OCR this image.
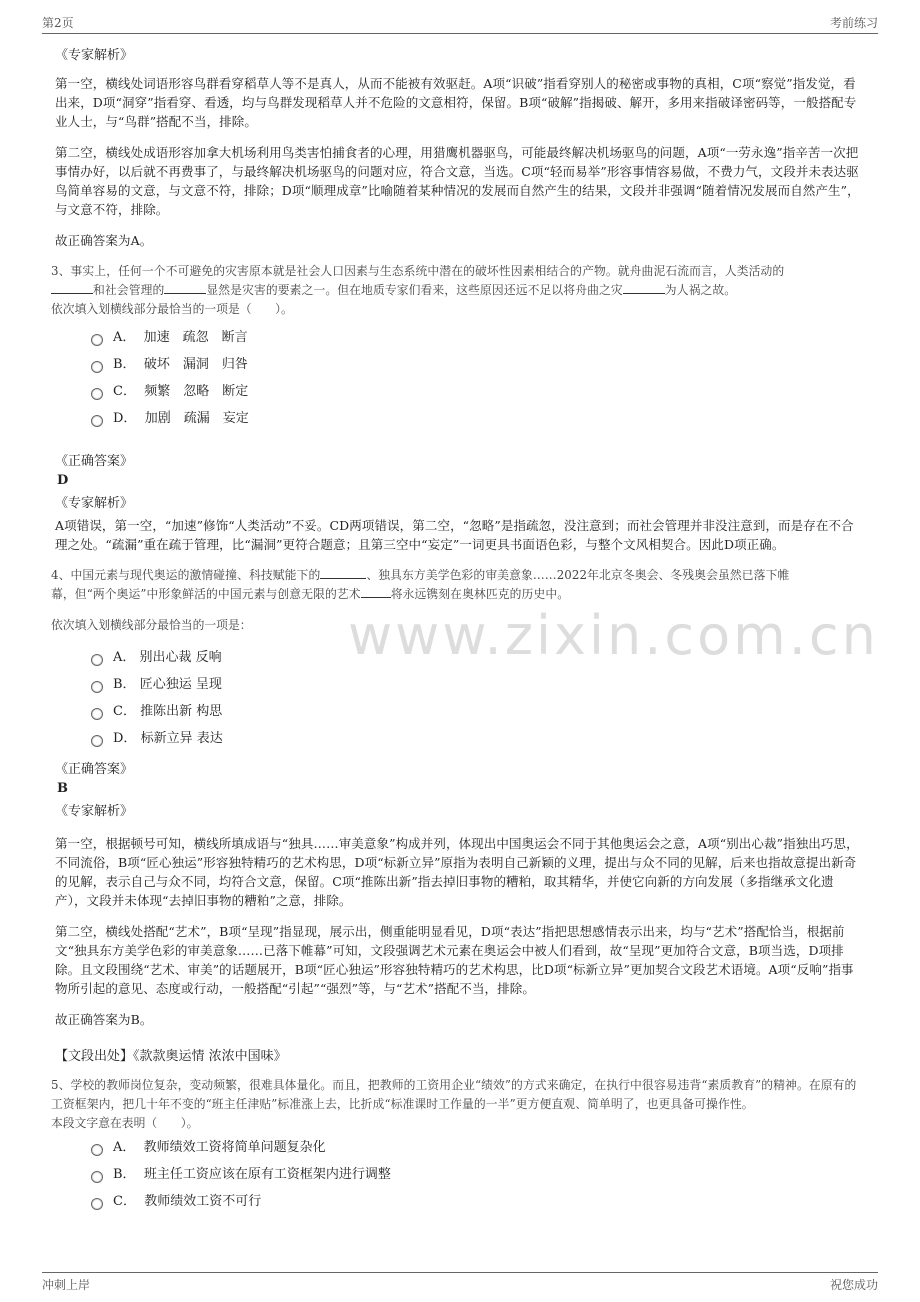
第2页	考前练习
www.zixin.com.cn
《专家解析》
第一空，横线处词语形容鸟群看穿稻草人等不是真人，从而不能被有效驱赶。A项“识破”指看穿别人的秘密或事物的真相，C项“察觉”指发觉，看出来，D项“洞穿”指看穿、看透，均与鸟群发现稻草人并不危险的文意相符，保留。B项“破解”指揭破、解开，多用来指破译密码等，一般搭配专业人士，与“鸟群”搭配不当，排除。
第二空，横线处成语形容加拿大机场利用鸟类害怕捕食者的心理，用猎鹰机器驱鸟，可能最终解决机场驱鸟的问题，A项“一劳永逸”指辛苦一次把事情办好，以后就不再费事了，与最终解决机场驱鸟的问题对应，符合文意，当选。C项“轻而易举”形容事情容易做，不费力气，文段并未表达驱鸟简单容易的文意，与文意不符，排除；D项“顺理成章”比喻随着某种情况的发展而自然产生的结果，文段并非强调“随着情况发展而自然产生”，与文意不符，排除。
故正确答案为A。
3、事实上，任何一个不可避免的灾害原本就是社会人口因素与生态系统中潜在的破坏性因素相结合的产物。就舟曲泥石流而言，人类活动的
和社会管理的	显然是灾害的要素之一。但在地质专家们看来，这些原因还远不足以将舟曲之灾	为人祸之故。
依次填入划横线部分最恰当的一项是（　　）。
A．
加速　疏忽　断言
B．
破坏　漏洞　归咎
C．
频繁　忽略　断定
D．
加剧　疏漏　妄定
《正确答案》
D
《专家解析》
A项错误，第一空，“加速”修饰“人类活动”不妥。CD两项错误，第二空，“忽略”是指疏忽，没注意到；而社会管理并非没注意到，而是存在不合理之处。“疏漏”重在疏于管理，比“漏洞”更符合题意；且第三空中“妄定”一词更具书面语色彩，与整个文风相契合。因此D项正确。
4、中国元素与现代奥运的激情碰撞、科技赋能下的	、独具东方美学色彩的审美意象……2022年北京冬奥会、冬残奥会虽然已落下帷
幕，但“两个奥运”中形象鲜活的中国元素与创意无限的艺术	将永远镌刻在奥林匹克的历史中。
依次填入划横线部分最恰当的一项是：
A．
别出心裁 反响
B．
匠心独运 呈现
C．
推陈出新 构思
D．
标新立异 表达
《正确答案》
B
《专家解析》
第一空，根据顿号可知，横线所填成语与“独具……审美意象”构成并列，体现出中国奥运会不同于其他奥运会之意，A项“别出心裁”指独出巧思，不同流俗，B项“匠心独运”形容独特精巧的艺术构思，D项“标新立异”原指为表明自己新颖的义理，提出与众不同的见解，后来也指故意提出新奇的见解，表示自己与众不同，均符合文意，保留。C项“推陈出新”指去掉旧事物的糟粕，取其精华，并使它向新的方向发展（多指继承文化遗产），文段并未体现“去掉旧事物的糟粕”之意，排除。
第二空，横线处搭配“艺术”，B项“呈现”指显现，展示出，侧重能明显看见，D项“表达”指把思想感情表示出来，均与“艺术”搭配恰当，根据前文“独具东方美学色彩的审美意象……已落下帷幕”可知，文段强调艺术元素在奥运会中被人们看到，故“呈现”更加符合文意，B项当选，D项排除。且文段围绕“艺术、审美”的话题展开，B项“匠心独运”形容独特精巧的艺术构思，比D项“标新立异”更加契合文段艺术语境。A项“反响”指事物所引起的意见、态度或行动，一般搭配“引起”“强烈”等，与“艺术”搭配不当，排除。
故正确答案为B。
【文段出处】《款款奥运情 浓浓中国味》
5、学校的教师岗位复杂，变动频繁，很难具体量化。而且，把教师的工资用企业“绩效”的方式来确定，在执行中很容易违背“素质教育”的精神。在原有的工资框架内，把几十年不变的“班主任津贴”标准涨上去，比折成“标准课时工作量的一半”更方便直观、简单明了，也更具备可操作性。
本段文字意在表明（　　）。
A．
教师绩效工资将简单问题复杂化
B．
班主任工资应该在原有工资框架内进行调整
C．
教师绩效工资不可行
冲刺上岸	祝您成功
